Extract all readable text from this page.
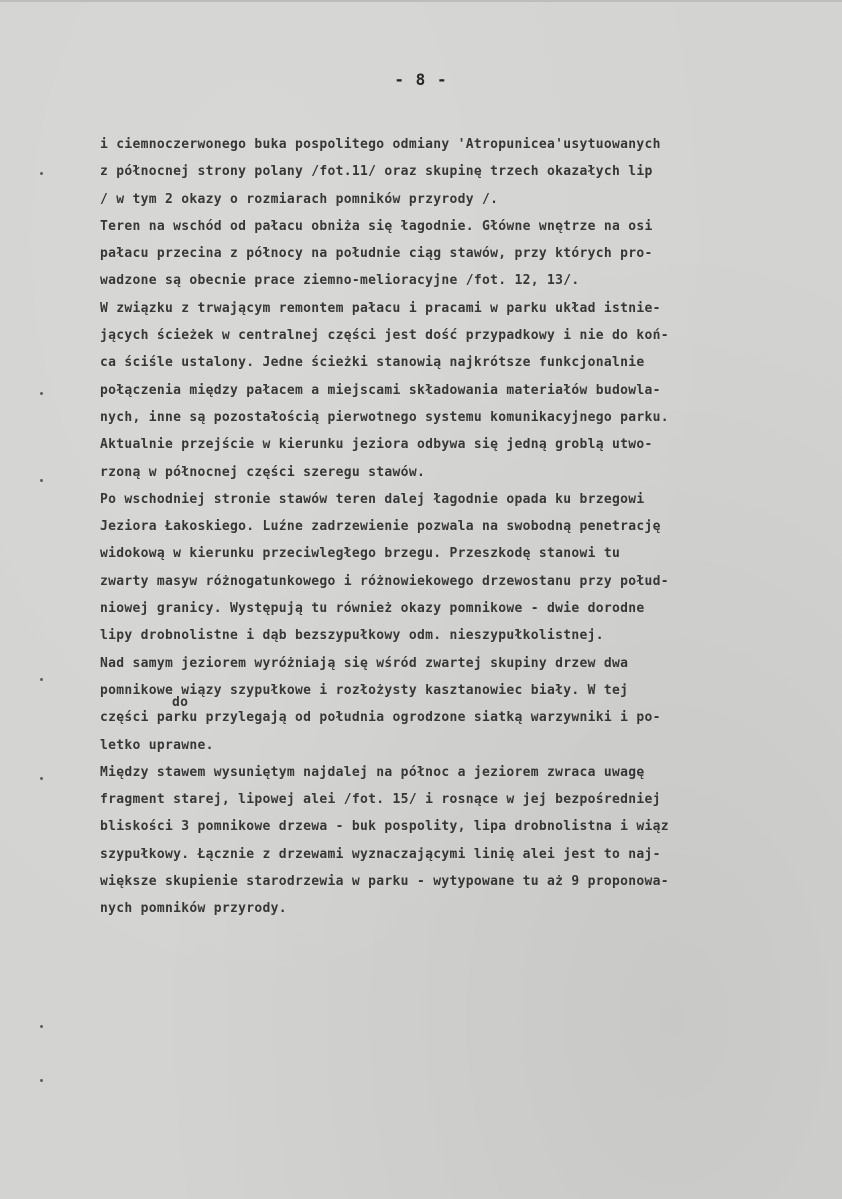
- 8 -
i ciemnoczerwonego buka pospolitego odmiany 'Atropunicea'usytuowanych
z północnej strony polany /fot.11/ oraz skupinę trzech okazałych lip
/ w tym 2 okazy o rozmiarach pomników przyrody /.
Teren na wschód od pałacu obniża się łagodnie. Główne wnętrze na osi
pałacu przecina z północy na południe ciąg stawów, przy których pro-
wadzone są obecnie prace ziemno-melioracyjne /fot. 12, 13/.
W związku z trwającym remontem pałacu i pracami w parku układ istnie-
jących ścieżek w centralnej części jest dość przypadkowy i nie do koń-
ca ściśle ustalony. Jedne ścieżki stanowią najkrótsze funkcjonalnie
połączenia między pałacem a miejscami składowania materiałów budowla-
nych, inne są pozostałością pierwotnego systemu komunikacyjnego parku.
Aktualnie przejście w kierunku jeziora odbywa się jedną groblą utwo-
rzoną w północnej części szeregu stawów.
Po wschodniej stronie stawów teren dalej łagodnie opada ku brzegowi
Jeziora Łakoskiego. Luźne zadrzewienie pozwala na swobodną penetrację
widokową w kierunku przeciwległego brzegu. Przeszkodę stanowi tu
zwarty masyw różnogatunkowego i różnowiekowego drzewostanu przy połud-
niowej granicy. Występują tu również okazy pomnikowe - dwie dorodne
lipy drobnolistne i dąb bezszypułkowy odm. nieszypułkolistnej.
Nad samym jeziorem wyróżniają się wśród zwartej skupiny drzew dwa
pomnikowe wiązy szypułkowe i rozłożysty kasztanowiec biały. W tej
do
części parku przylegają od południa ogrodzone siatką warzywniki i po-
letko uprawne.
Między stawem wysuniętym najdalej na północ a jeziorem zwraca uwagę
fragment starej, lipowej alei /fot. 15/ i rosnące w jej bezpośredniej
bliskości 3 pomnikowe drzewa - buk pospolity, lipa drobnolistna i wiąz
szypułkowy. Łącznie z drzewami wyznaczającymi linię alei jest to naj-
większe skupienie starodrzewia w parku - wytypowane tu aż 9 proponowa-
nych pomników przyrody.
